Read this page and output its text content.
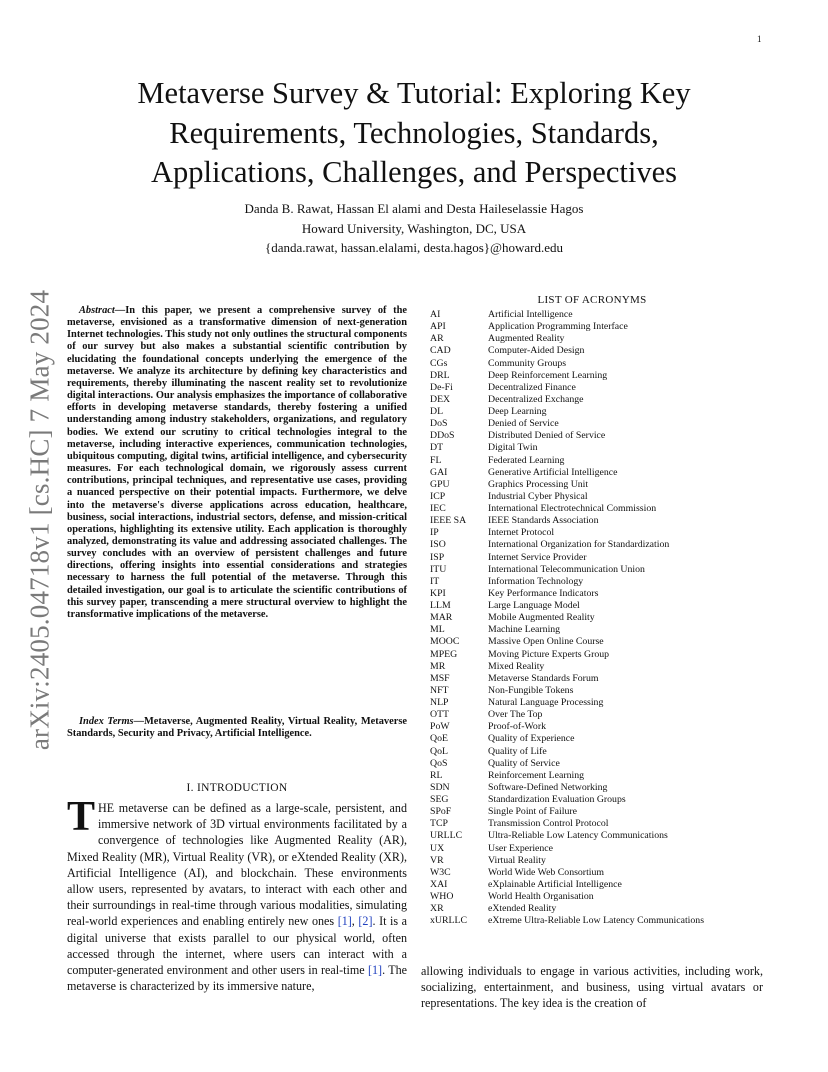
1
arXiv:2405.04718v1 [cs.HC] 7 May 2024
Metaverse Survey & Tutorial: Exploring Key
Requirements, Technologies, Standards,
Applications, Challenges, and Perspectives
Danda B. Rawat, Hassan El alami and Desta Haileselassie Hagos
Howard University, Washington, DC, USA
{danda.rawat, hassan.elalami, desta.hagos}@howard.edu

Abstract—In this paper, we present a comprehensive survey of the metaverse, envisioned as a transformative dimension of next-generation Internet technologies. This study not only outlines the structural components of our survey but also makes a substantial scientific contribution by elucidating the foundational concepts underlying the emergence of the metaverse. We analyze its architecture by defining key characteristics and requirements, thereby illuminating the nascent reality set to revolutionize digital interactions. Our analysis emphasizes the importance of collaborative efforts in developing metaverse standards, thereby fostering a unified understanding among industry stakeholders, organizations, and regulatory bodies. We extend our scrutiny to critical technologies integral to the metaverse, including interactive experiences, communication technologies, ubiquitous computing, digital twins, artificial intelligence, and cybersecurity measures. For each technological domain, we rigorously assess current contributions, principal techniques, and representative use cases, providing a nuanced perspective on their potential impacts. Furthermore, we delve into the metaverse's diverse applications across education, healthcare, business, social interactions, industrial sectors, defense, and mission-critical operations, highlighting its extensive utility. Each application is thoroughly analyzed, demonstrating its value and addressing associated challenges. The survey concludes with an overview of persistent challenges and future directions, offering insights into essential considerations and strategies necessary to harness the full potential of the metaverse. Through this detailed investigation, our goal is to articulate the scientific contributions of this survey paper, transcending a mere structural overview to highlight the transformative implications of the metaverse.

Index Terms—Metaverse, Augmented Reality, Virtual Reality, Metaverse Standards, Security and Privacy, Artificial Intelligence.

I. INTRODUCTION

THE metaverse can be defined as a large-scale, persistent, and immersive network of 3D virtual environments facilitated by a convergence of technologies like Augmented Reality (AR), Mixed Reality (MR), Virtual Reality (VR), or eXtended Reality (XR), Artificial Intelligence (AI), and blockchain. These environments allow users, represented by avatars, to interact with each other and their surroundings in real-time through various modalities, simulating real-world experiences and enabling entirely new ones [1], [2]. It is a digital universe that exists parallel to our physical world, often accessed through the internet, where users can interact with a computer-generated environment and other users in real-time [1]. The metaverse is characterized by its immersive nature,

LIST OF ACRONYMS
AI	Artificial Intelligence
API	Application Programming Interface
AR	Augmented Reality
CAD	Computer-Aided Design
CGs	Community Groups
DRL	Deep Reinforcement Learning
De-Fi	Decentralized Finance
DEX	Decentralized Exchange
DL	Deep Learning
DoS	Denied of Service
DDoS	Distributed Denied of Service
DT	Digital Twin
FL	Federated Learning
GAI	Generative Artificial Intelligence
GPU	Graphics Processing Unit
ICP	Industrial Cyber Physical
IEC	International Electrotechnical Commission
IEEE SA	IEEE Standards Association
IP	Internet Protocol
ISO	International Organization for Standardization
ISP	Internet Service Provider
ITU	International Telecommunication Union
IT	Information Technology
KPI	Key Performance Indicators
LLM	Large Language Model
MAR	Mobile Augmented Reality
ML	Machine Learning
MOOC	Massive Open Online Course
MPEG	Moving Picture Experts Group
MR	Mixed Reality
MSF	Metaverse Standards Forum
NFT	Non-Fungible Tokens
NLP	Natural Language Processing
OTT	Over The Top
PoW	Proof-of-Work
QoE	Quality of Experience
QoL	Quality of Life
QoS	Quality of Service
RL	Reinforcement Learning
SDN	Software-Defined Networking
SEG	Standardization Evaluation Groups
SPoF	Single Point of Failure
TCP	Transmission Control Protocol
URLLC	Ultra-Reliable Low Latency Communications
UX	User Experience
VR	Virtual Reality
W3C	World Wide Web Consortium
XAI	eXplainable Artificial Intelligence
WHO	World Health Organisation
XR	eXtended Reality
xURLLC	eXtreme Ultra-Reliable Low Latency Communications

allowing individuals to engage in various activities, including work, socializing, entertainment, and business, using virtual avatars or representations. The key idea is the creation of
